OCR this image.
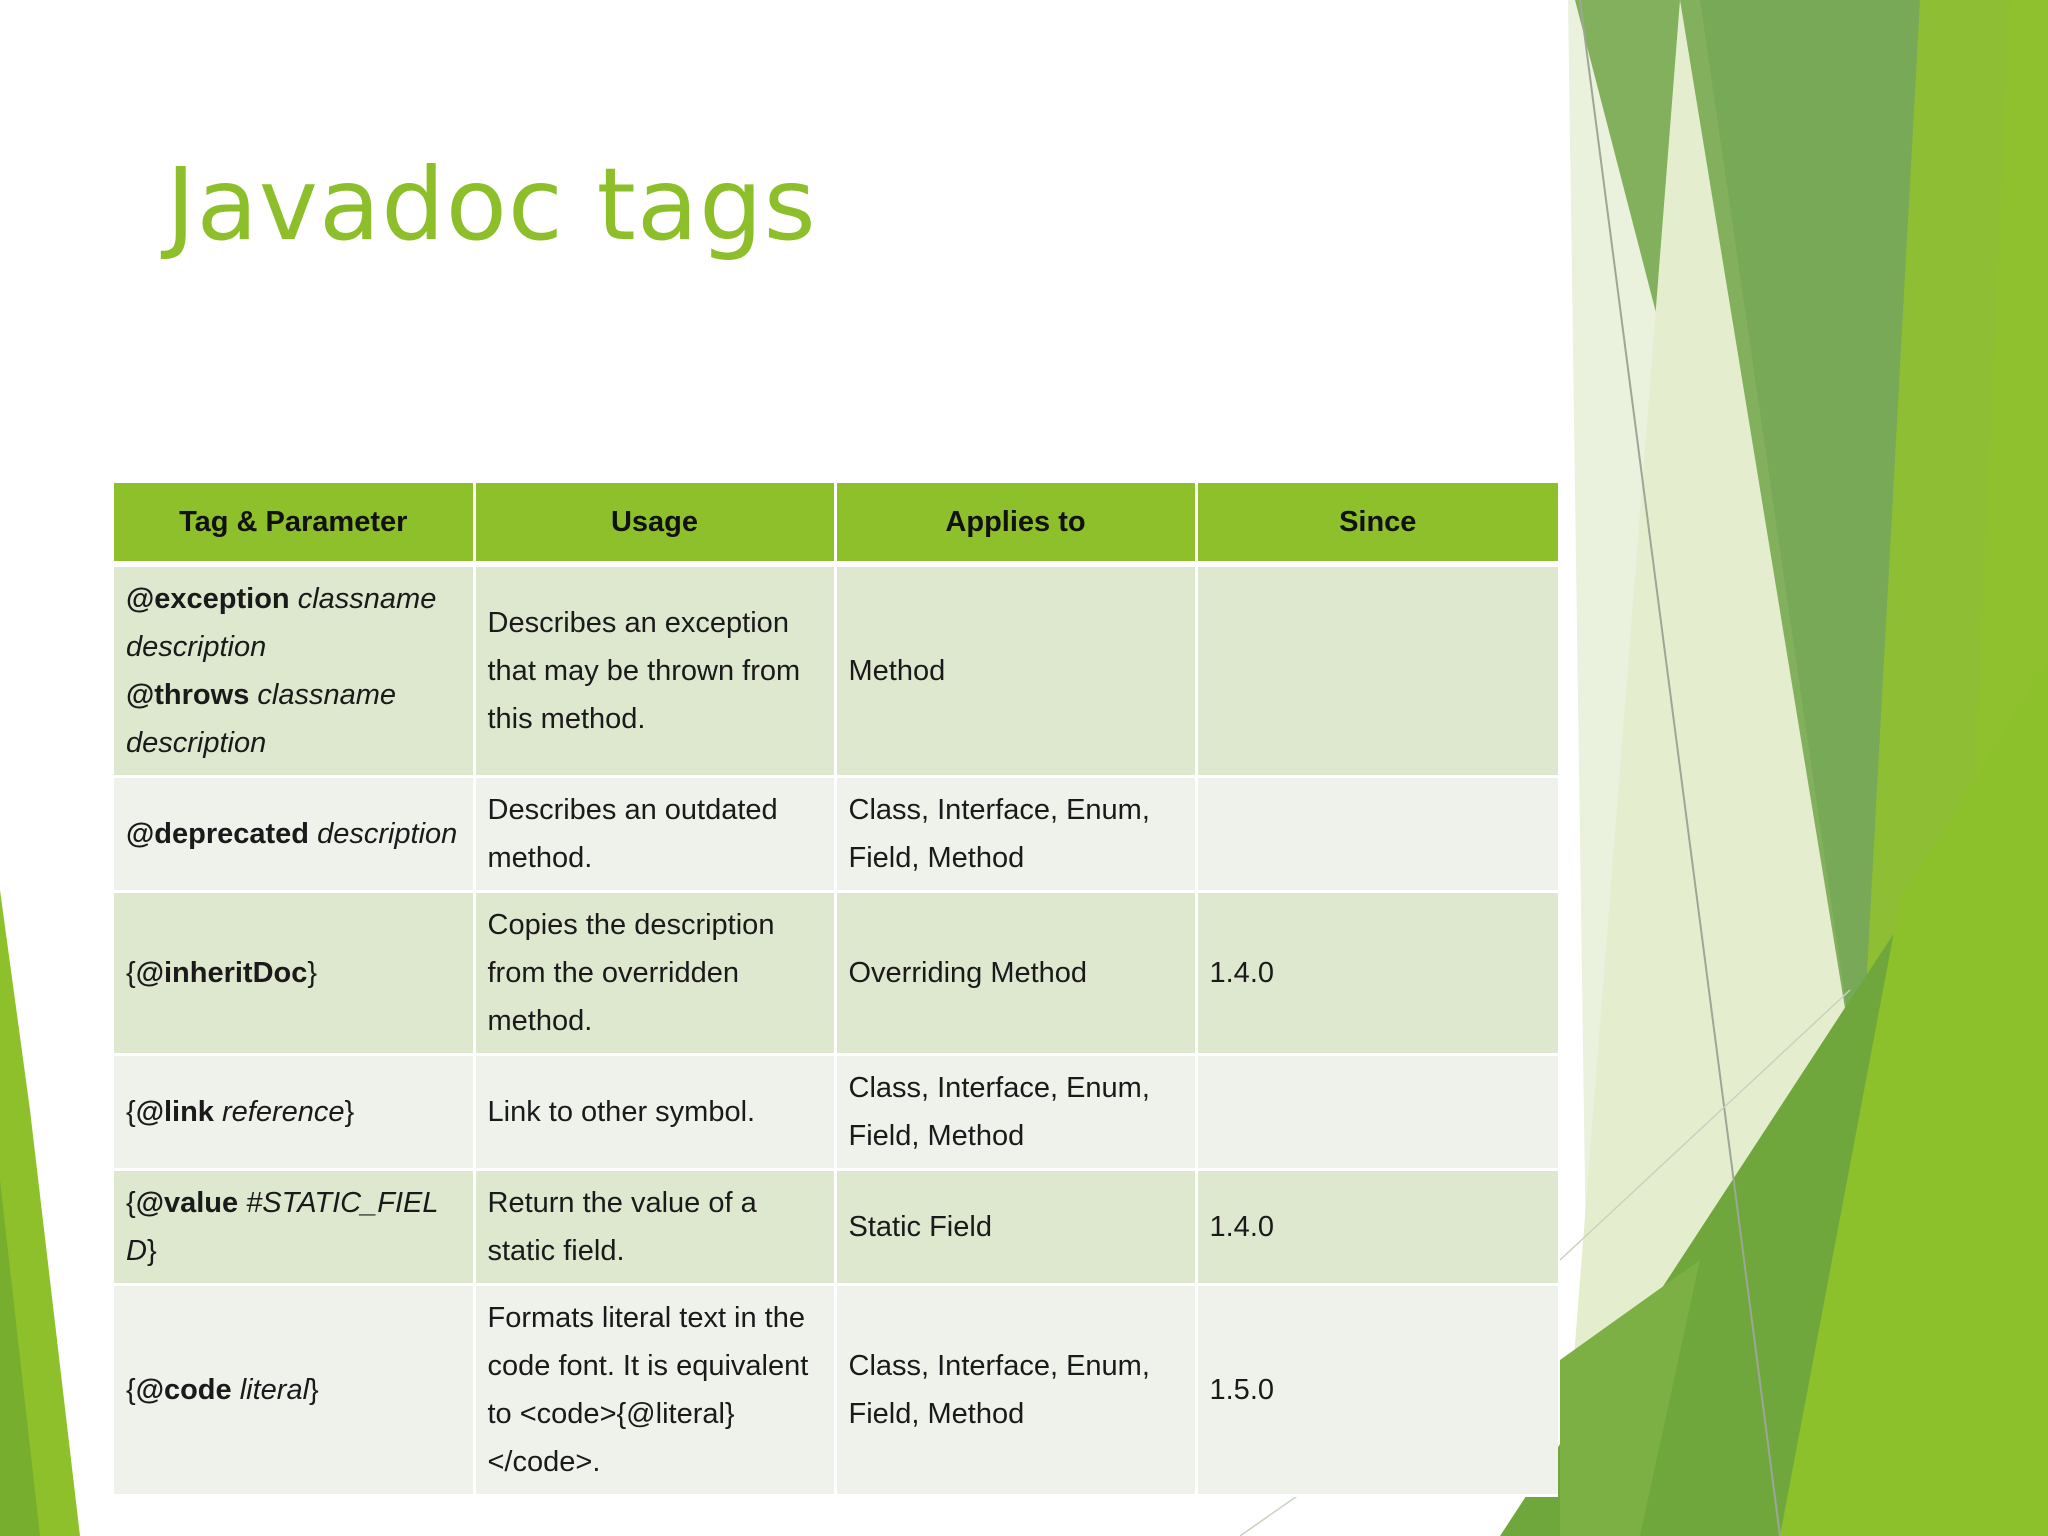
Javadoc tags
Tag & Parameter	Usage	Applies to	Since
@exception classname description
@throws classname description	Describes an exception that may be thrown from this method.	Method	
@deprecated description	Describes an outdated method.	Class, Interface, Enum, Field, Method	
{@inheritDoc}	Copies the description from the overridden method.	Overriding Method	1.4.0
{@link reference}	Link to other symbol.	Class, Interface, Enum, Field, Method	
{@value #STATIC_FIELD}	Return the value of a static field.	Static Field	1.4.0
{@code literal}	Formats literal text in the code font. It is equivalent to <code>{@literal}</code>.	Class, Interface, Enum, Field, Method	1.5.0
